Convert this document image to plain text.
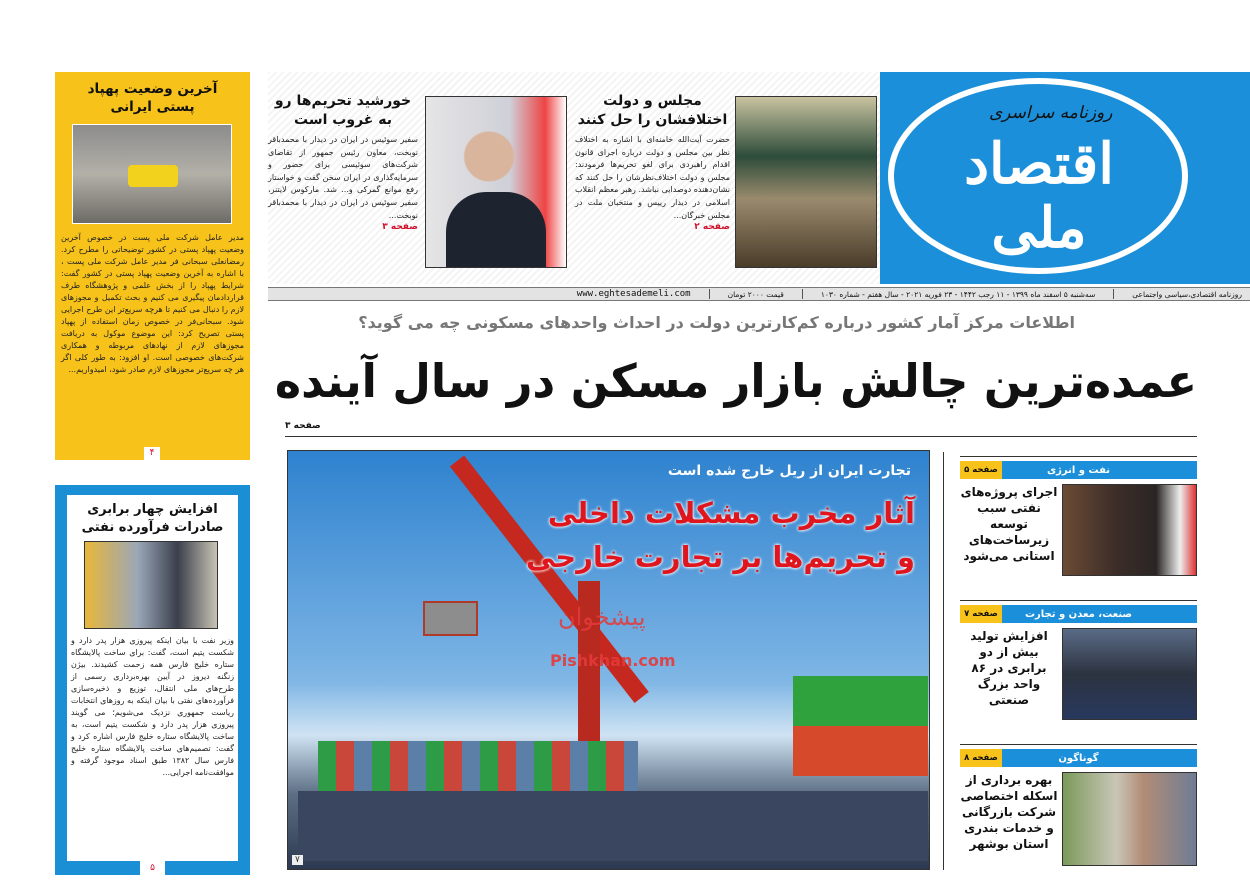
روزنامه سراسری
اقتصاد ملی
مجلس و دولت اختلافشان را حل کنند
حضرت آیت‌الله خامنه‌ای با اشاره به اختلاف نظر بین مجلس و دولت درباره اجرای قانون اقدام راهبردی برای لغو تحریم‌ها فرمودند: مجلس و دولت اختلاف‌نظرشان را حل کنند که نشان‌دهنده دوصدایی نباشد. رهبر معظم انقلاب اسلامی در دیدار رییس و منتخبان ملت در مجلس خبرگان...
صفحه ۲
خورشید تحریم‌ها رو به غروب است
سفیر سوئیس در ایران در دیدار با محمدباقر نوبخت، معاون رئیس جمهور از تقاضای شرکت‌های سوئیسی برای حضور و سرمایه‌گذاری در ایران سخن گفت و خواستار رفع موانع گمرکی و... شد. مارکوس لایتنر، سفیر سوئیس در ایران در دیدار با محمدباقر نوبخت...
صفحه ۳
روزنامه اقتصادی،سیاسی واجتماعی
سه‌شنبه ۵ اسفند ماه ۱۳۹۹ - ۱۱ رجب ۱۴۴۲ - ۲۳ فوریه ۲۰۲۱ - سال هفتم - شماره ۱۰۳۰
قیمت ۲۰۰۰ تومان
www.eghtesademeli.com
اطلاعات مرکز آمار کشور درباره کم‌کارترین دولت در احداث واحدهای مسکونی چه می گوید؟
عمده‌ترین چالش بازار مسکن در سال آینده
صفحه ۳
تجارت ایران از ریل خارج شده است
آثار مخرب مشکلات داخلی
و تحریم‌ها بر تجارت خارجی
پیشخوان
Pishkhan.com
۷
نفت و انرژی
صفحه ۵
اجرای پروژه‌های نفتی سبب توسعه زیرساخت‌های استانی می‌شود
صنعت، معدن و تجارت
صفحه ۷
افزایش تولید بیش از دو برابری در ۸۶ واحد بزرگ صنعتی
گوناگون
صفحه ۸
بهره برداری از اسکله اختصاصی شرکت بازرگانی و خدمات بندری استان بوشهر
آخرین وضعیت پهپاد پستی ایرانی
مدیر عامل شرکت ملی پست در خصوص آخرین وضعیت پهپاد پستی در کشور توضیحاتی را مطرح کرد. رمضانعلی سبحانی فر مدیر عامل شرکت ملی پست ، با اشاره به آخرین وضعیت پهپاد پستی در کشور گفت: شرایط پهپاد را از بخش علمی و پژوهشگاه طرف قراردادمان پیگیری می کنیم و بحث تکمیل و مجوزهای لازم را دنبال می کنیم تا هرچه سریع‌تر این طرح اجرایی شود. سبحانی‌فر در خصوص زمان استفاده از پهپاد پستی تصریح کرد: این موضوع موکول به دریافت مجوزهای لازم از نهادهای مربوطه و همکاری شرکت‌های خصوصی است. او افزود: به طور کلی اگر هر چه سریع‌تر مجوزهای لازم صادر شود، امیدواریم...
۴
افزایش چهار برابری صادرات فرآورده نفتی
وزیر نفت با بیان اینکه پیروزی هزار پدر دارد و شکست یتیم است، گفت: برای ساخت پالایشگاه ستاره خلیج فارس همه زحمت کشیدند. بیژن زنگنه دیروز در آیین بهره‌برداری رسمی از طرح‌های ملی انتقال، توزیع و ذخیره‌سازی فرآورده‌های نفتی با بیان اینکه به روزهای انتخابات ریاست جمهوری نزدیک می‌شویم؛ می گویند پیروزی هزار پدر دارد و شکست یتیم است، به ساخت پالایشگاه ستاره خلیج فارس اشاره کرد و گفت: تصمیم‌های ساخت پالایشگاه ستاره خلیج فارس سال ۱۳۸۲ طبق اسناد موجود گرفته و موافقت‌نامه اجرایی...
۵
